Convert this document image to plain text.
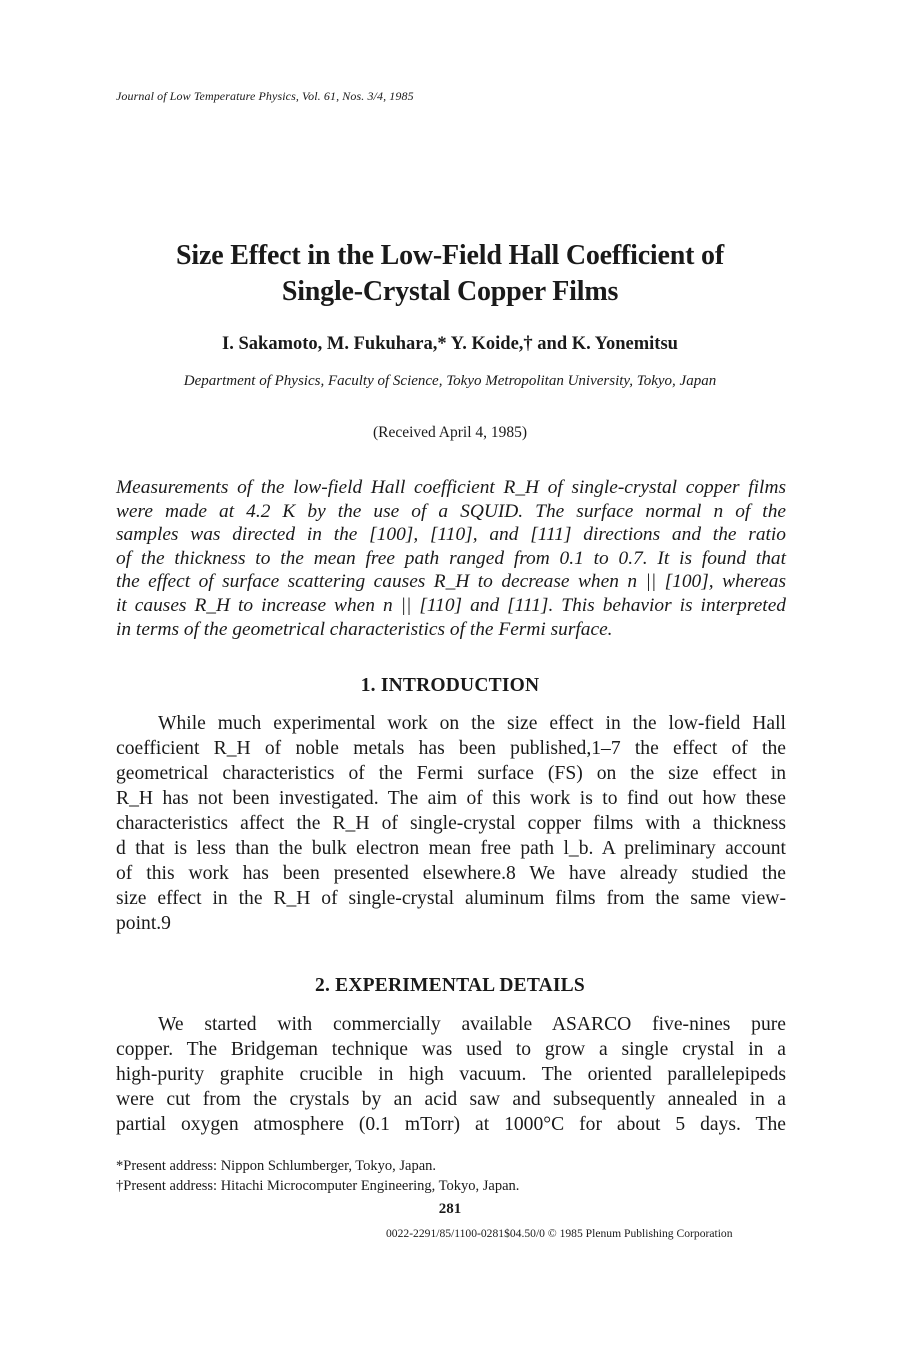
Journal of Low Temperature Physics, Vol. 61, Nos. 3/4, 1985
Size Effect in the Low-Field Hall Coefficient of
Single-Crystal Copper Films
I. Sakamoto, M. Fukuhara,* Y. Koide,† and K. Yonemitsu
Department of Physics, Faculty of Science, Tokyo Metropolitan University, Tokyo, Japan
(Received April 4, 1985)
Measurements of the low-field Hall coefficient R_H of single-crystal copper films
were made at 4.2 K by the use of a SQUID. The surface normal n of the
samples was directed in the [100], [110], and [111] directions and the ratio
of the thickness to the mean free path ranged from 0.1 to 0.7. It is found that
the effect of surface scattering causes R_H to decrease when n || [100], whereas
it causes R_H to increase when n || [110] and [111]. This behavior is interpreted
in terms of the geometrical characteristics of the Fermi surface.
1. INTRODUCTION
While much experimental work on the size effect in the low-field Hall
coefficient R_H of noble metals has been published,1–7 the effect of the
geometrical characteristics of the Fermi surface (FS) on the size effect in
R_H has not been investigated. The aim of this work is to find out how these
characteristics affect the R_H of single-crystal copper films with a thickness
d that is less than the bulk electron mean free path l_b. A preliminary account
of this work has been presented elsewhere.8 We have already studied the
size effect in the R_H of single-crystal aluminum films from the same view-
point.9
2. EXPERIMENTAL DETAILS
We started with commercially available ASARCO five-nines pure
copper. The Bridgeman technique was used to grow a single crystal in a
high-purity graphite crucible in high vacuum. The oriented parallelepipeds
were cut from the crystals by an acid saw and subsequently annealed in a
partial oxygen atmosphere (0.1 mTorr) at 1000°C for about 5 days. The
*Present address: Nippon Schlumberger, Tokyo, Japan.
†Present address: Hitachi Microcomputer Engineering, Tokyo, Japan.
281
0022-2291/85/1100-0281$04.50/0 © 1985 Plenum Publishing Corporation
